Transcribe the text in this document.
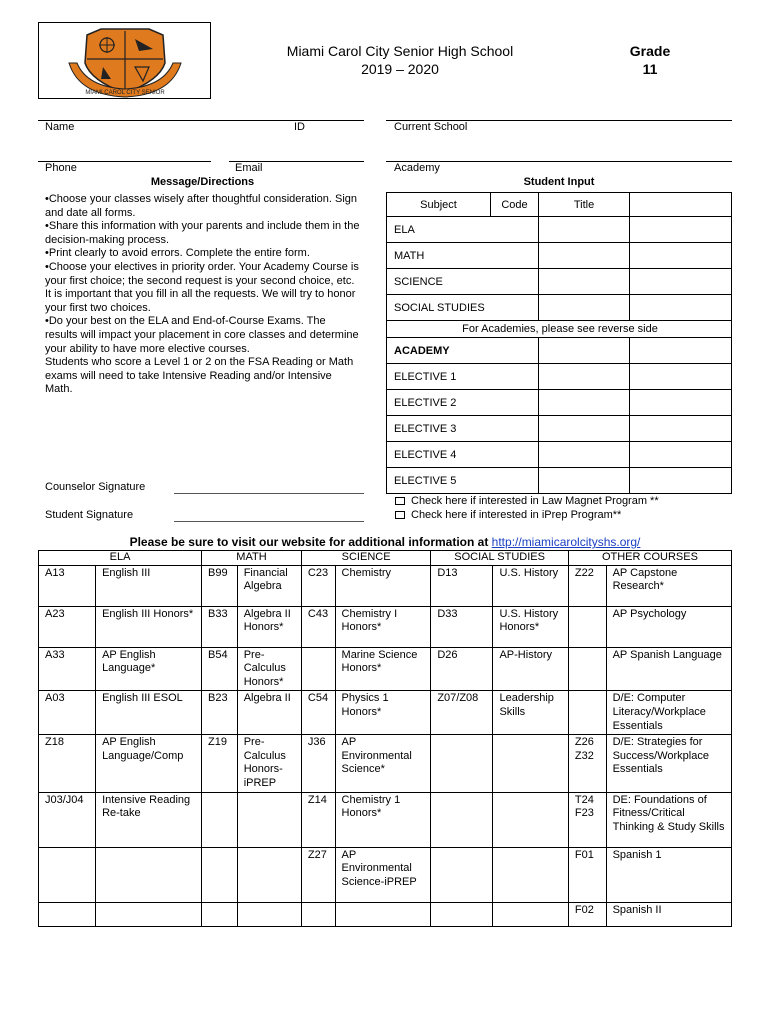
MIAMI CAROL CITY SENIOR
Miami Carol City Senior High School
2019 – 2020
Grade
11
Name	ID	Current School
Phone	Email	Academy
Message/Directions

•Choose your classes wisely after thoughtful consideration. Sign and date all forms.

•Share this information with your parents and include them in the decision-making process.

•Print clearly to avoid errors. Complete the entire form.

•Choose your electives in priority order. Your Academy Course is your first choice; the second request is your second choice, etc. It is important that you fill in all the requests. We will try to honor your first two choices.

•Do your best on the ELA and End-of-Course Exams. The results will impact your placement in core classes and determine your ability to have more elective courses.

Students who score a Level 1 or 2 on the FSA Reading or Math exams will need to take Intensive Reading and/or Intensive Math.

Counselor Signature
Student Signature
Student Input
Subject	Code	Title
ELA
MATH
SCIENCE
SOCIAL STUDIES
For Academies, please see reverse side
ACADEMY
ELECTIVE 1
ELECTIVE 2
ELECTIVE 3
ELECTIVE 4
ELECTIVE 5
Check here if interested in Law Magnet Program **
Check here if interested in iPrep Program**
Please be sure to visit our website for additional information at http://miamicarolcityshs.org/
ELA		MATH		SCIENCE		SOCIAL STUDIES		OTHER COURSES	
A13	English III	B99	Financial Algebra	C23	Chemistry	D13	U.S. History	Z22	AP Capstone Research*
A23	English III Honors*	B33	Algebra II Honors*	C43	Chemistry I Honors*	D33	U.S. History Honors*		AP Psychology
A33	AP English Language*	B54	Pre-Calculus Honors*		Marine Science Honors*	D26	AP-History		AP Spanish Language
A03	English III ESOL	B23	Algebra II	C54	Physics 1 Honors*	Z07/Z08	Leadership Skills		D/E: Computer Literacy/Workplace Essentials
Z18	AP English Language/Comp	Z19	Pre-Calculus Honors-iPREP	J36	AP Environmental Science*			Z26 Z32	D/E: Strategies for Success/Workplace Essentials
J03/J04	Intensive Reading Re-take			Z14	Chemistry 1 Honors*			T24 F23	DE: Foundations of Fitness/Critical Thinking & Study Skills
				Z27	AP Environmental Science-iPREP			F01	Spanish 1
								F02	Spanish II
